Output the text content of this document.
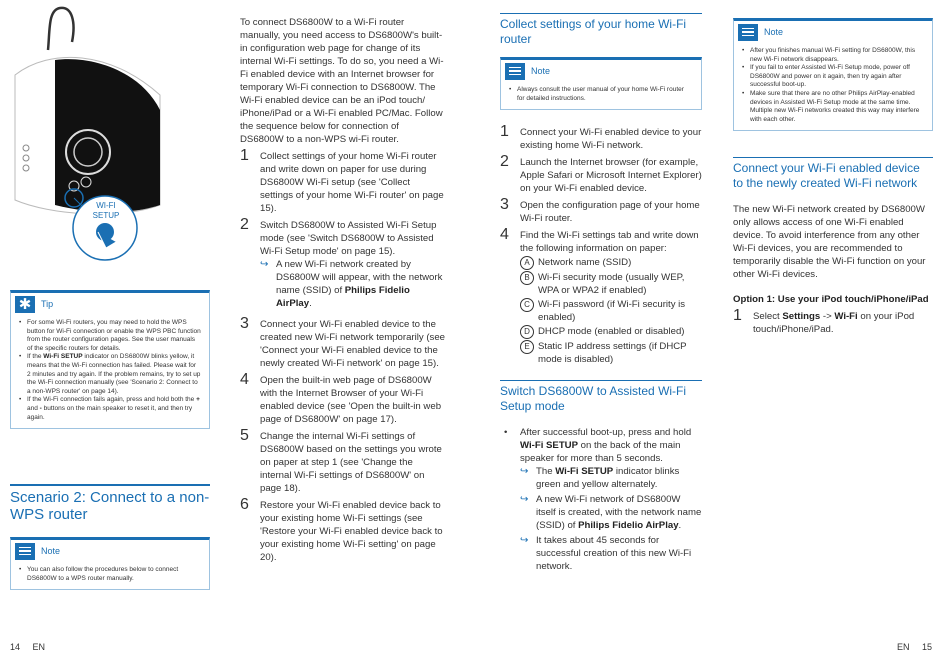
WI-FI
SETUP
✱	Tip
• For some Wi-Fi routers, you may need to hold the WPS button for Wi-Fi connection or enable the WPS PBC function from the router configuration pages. See the user manuals of the specific routers for details.
• If the Wi-Fi SETUP indicator on DS6800W blinks yellow, it means that the Wi-Fi connection has failed. Please wait for 2 minutes and try again. If the problem remains, try to set up the Wi-Fi connection manually (see 'Scenario 2: Connect to a non-WPS router' on page 14).
• If the Wi-Fi connection fails again, press and hold both the + and - buttons on the main speaker to reset it, and then try again.
Scenario 2: Connect to a non-WPS router
Note
• You can also follow the procedures below to connect DS6800W to a WPS router manually.

To connect DS6800W to a Wi-Fi router manually, you need access to DS6800W's built-in configuration web page for change of its internal Wi-Fi settings. To do so, you need a Wi-Fi enabled device with an Internet browser for temporary Wi-Fi connection to DS6800W. The Wi-Fi enabled device can be an iPod touch/ iPhone/iPad or a Wi-Fi enabled PC/Mac. Follow the sequence below for connection of DS6800W to a non-WPS wi-Fi router.

1	Collect settings of your home Wi-Fi router and write down on paper for use during DS6800W Wi-Fi setup (see 'Collect settings of your home Wi-Fi router' on page 15).
2	Switch DS6800W to Assisted Wi-Fi Setup mode (see 'Switch DS6800W to Assisted Wi-Fi Setup mode' on page 15).
↪ A new Wi-Fi network created by DS6800W will appear, with the network name (SSID) of Philips Fidelio AirPlay.
3	Connect your Wi-Fi enabled device to the created new Wi-Fi network temporarily (see 'Connect your Wi-Fi enabled device to the newly created Wi-Fi network' on page 15).
4	Open the built-in web page of DS6800W with the Internet Browser of your Wi-Fi enabled device (see 'Open the built-in web page of DS6800W' on page 17).
5	Change the internal Wi-Fi settings of DS6800W based on the settings you wrote on paper at step 1 (see 'Change the internal Wi-Fi settings of DS6800W' on page 18).
6	Restore your Wi-Fi enabled device back to your existing home Wi-Fi settings (see 'Restore your Wi-Fi enabled device back to your existing home Wi-Fi setting' on page 20).
Collect settings of your home Wi-Fi router
Note
• Always consult the user manual of your home Wi-Fi router for detailed instructions.
1	Connect your Wi-Fi enabled device to your existing home Wi-Fi network.
2	Launch the Internet browser (for example, Apple Safari or Microsoft Internet Explorer) on your Wi-Fi enabled device.
3	Open the configuration page of your home Wi-Fi router.
4	Find the Wi-Fi settings tab and write down the following information on paper:
A Network name (SSID)
B Wi-Fi security mode (usually WEP, WPA or WPA2 if enabled)
C Wi-Fi password (if Wi-Fi security is enabled)
D DHCP mode (enabled or disabled)
E Static IP address settings (if DHCP mode is disabled)
Switch DS6800W to Assisted Wi-Fi Setup mode
•	After successful boot-up, press and hold Wi-Fi SETUP on the back of the main speaker for more than 5 seconds.
↪ The Wi-Fi SETUP indicator blinks green and yellow alternately.
↪ A new Wi-Fi network of DS6800W itself is created, with the network name (SSID) of Philips Fidelio AirPlay.
↪ It takes about 45 seconds for successful creation of this new Wi-Fi network.
Note
• After you finishes manual Wi-Fi setting for DS6800W, this new Wi-Fi network disappears.
• If you fail to enter Assisted Wi-Fi Setup mode, power off DS6800W and power on it again, then try again after successful boot-up.
• Make sure that there are no other Philips AirPlay-enabled devices in Assisted Wi-Fi Setup mode at the same time. Multiple new Wi-Fi networks created this way may interfere with each other.
Connect your Wi-Fi enabled device to the newly created Wi-Fi network

The new Wi-Fi network created by DS6800W only allows access of one Wi-Fi enabled device. To avoid interference from any other Wi-Fi devices, you are recommended to temporarily disable the Wi-Fi function on your other Wi-Fi devices.

Option 1: Use your iPod touch/iPhone/iPad
1	Select Settings -> Wi-Fi on your iPod touch/iPhone/iPad.
14 EN	EN 15
